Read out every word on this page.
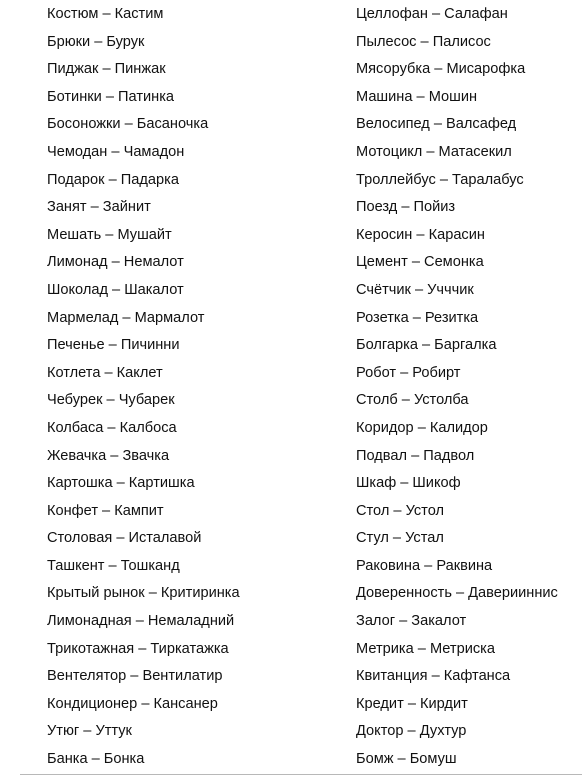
Костюм – Кастим
Брюки – Бурук
Пиджак – Пинжак
Ботинки – Патинка
Босоножки – Басаночка
Чемодан – Чамадон
Подарок – Падарка
Занят – Зайнит
Мешать – Мушайт
Лимонад – Немалот
Шоколад – Шакалот
Мармелад – Мармалот
Печенье – Пичинни
Котлета – Каклет
Чебурек – Чубарек
Колбаса – Калбоса
Жевачка – Звачка
Картошка – Картишка
Конфет – Кампит
Столовая – Исталавой
Ташкент – Тошканд
Крытый рынок – Критиринка
Лимонадная – Немаладний
Трикотажная – Тиркатажка
Вентелятор – Вентилатир
Кондиционер – Кансанер
Утюг – Уттук
Банка – Бонка
Целлофан – Салафан
Пылесос – Палисос
Мясорубка – Мисарофка
Машина – Мошин
Велосипед – Валсафед
Мотоцикл – Матасекил
Троллейбус – Таралабус
Поезд – Пойиз
Керосин – Карасин
Цемент – Семонка
Счётчик – Учччик
Розетка – Резитка
Болгарка – Баргалка
Робот – Робирт
Столб – Устолба
Коридор – Калидор
Подвал – Падвол
Шкаф – Шикоф
Стол – Устол
Стул – Устал
Раковина – Раквина
Доверенность – Даверииннис
Залог – Закалот
Метрика – Метриска
Квитанция – Кафтанса
Кредит – Кирдит
Доктор – Духтур
Бомж – Бомуш
